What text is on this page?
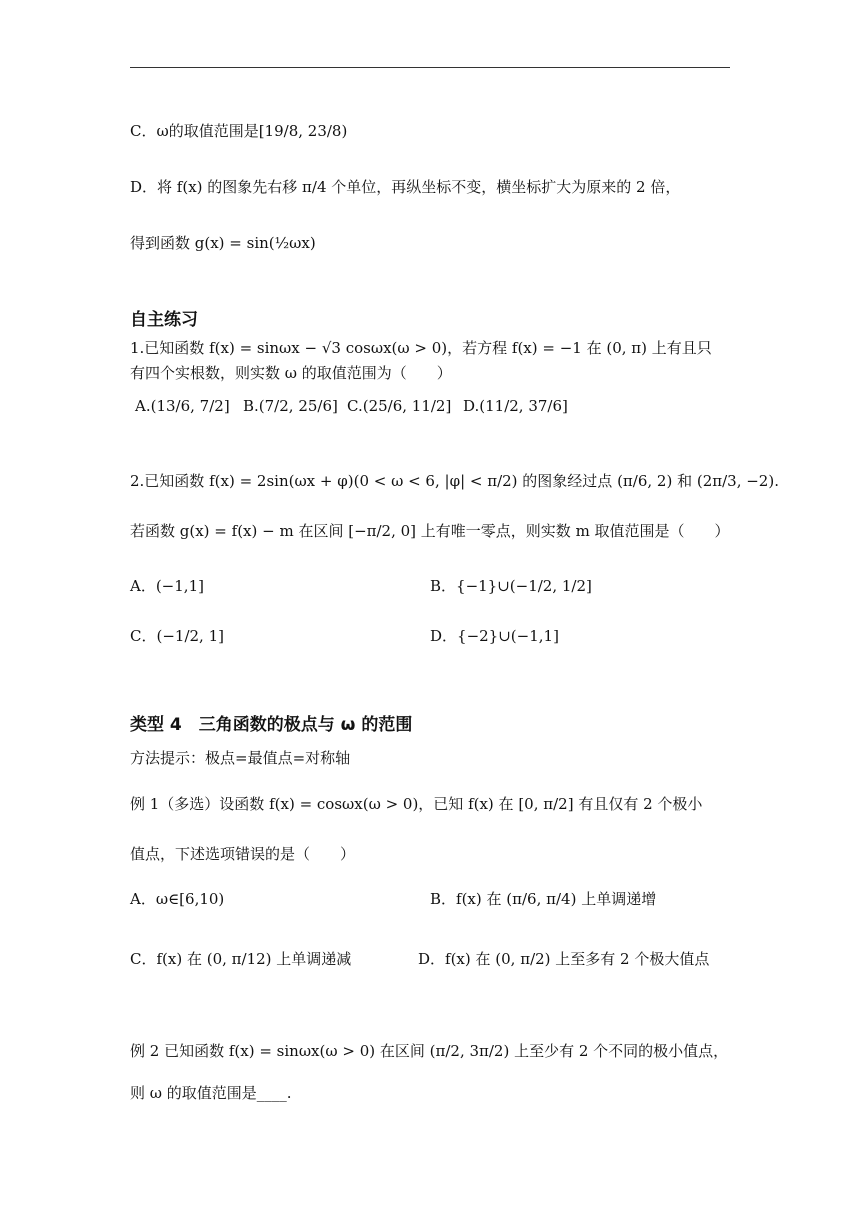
C．ω的取值范围是[19/8, 23/8)
D．将 f(x) 的图象先右移 π/4 个单位，再纵坐标不变，横坐标扩大为原来的 2 倍，
得到函数 g(x) = sin(½ωx)
自主练习
1.已知函数 f(x) = sinωx − √3 cosωx(ω > 0)，若方程 f(x) = −1 在 (0, π) 上有且只
有四个实根数，则实数 ω 的取值范围为（　　）
A.(13/6, 7/2] B.(7/2, 25/6] C.(25/6, 11/2] D.(11/2, 37/6]
2.已知函数 f(x) = 2sin(ωx + φ)(0 < ω < 6, |φ| < π/2) 的图象经过点 (π/6, 2) 和 (2π/3, −2).
若函数 g(x) = f(x) − m 在区间 [−π/2, 0] 上有唯一零点，则实数 m 取值范围是（　　）
A．(−1,1]	B．{−1}∪(−1/2, 1/2]
C．(−1/2, 1]	D．{−2}∪(−1,1]
类型 4　三角函数的极点与 ω 的范围
方法提示：极点=最值点=对称轴
例 1（多选）设函数 f(x) = cosωx(ω > 0)，已知 f(x) 在 [0, π/2] 有且仅有 2 个极小
值点，下述选项错误的是（　　）
A．ω∈[6,10)	B．f(x) 在 (π/6, π/4) 上单调递增
C．f(x) 在 (0, π/12) 上单调递减	D．f(x) 在 (0, π/2) 上至多有 2 个极大值点
例 2 已知函数 f(x) = sinωx(ω > 0) 在区间 (π/2, 3π/2) 上至少有 2 个不同的极小值点，
则 ω 的取值范围是____.
